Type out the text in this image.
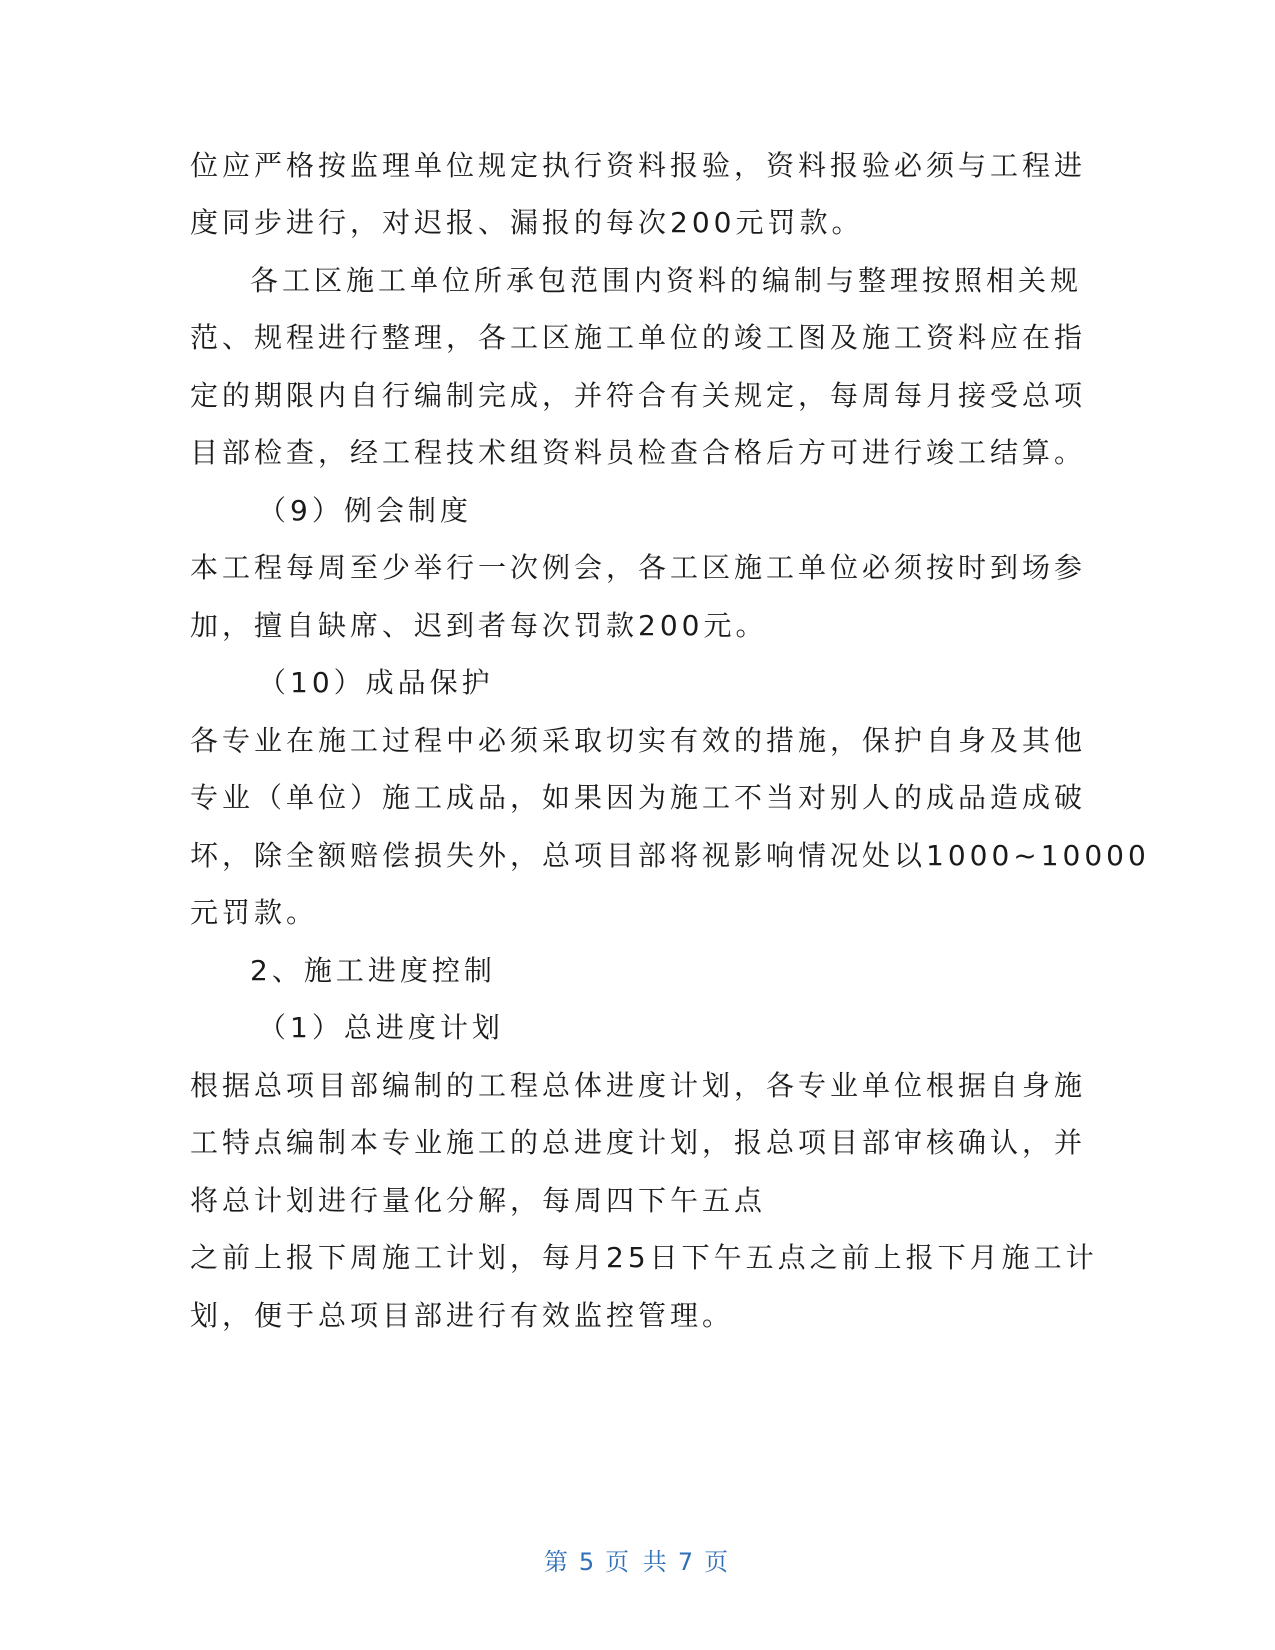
位应严格按监理单位规定执行资料报验，资料报验必须与工程进
度同步进行，对迟报、漏报的每次200元罚款。
各工区施工单位所承包范围内资料的编制与整理按照相关规
范、规程进行整理，各工区施工单位的竣工图及施工资料应在指
定的期限内自行编制完成，并符合有关规定，每周每月接受总项
目部检查，经工程技术组资料员检查合格后方可进行竣工结算。
（9）例会制度
本工程每周至少举行一次例会，各工区施工单位必须按时到场参
加，擅自缺席、迟到者每次罚款200元。
（10）成品保护
各专业在施工过程中必须采取切实有效的措施，保护自身及其他
专业（单位）施工成品，如果因为施工不当对别人的成品造成破
坏，除全额赔偿损失外，总项目部将视影响情况处以1000~10000
元罚款。
2、施工进度控制
（1）总进度计划
根据总项目部编制的工程总体进度计划，各专业单位根据自身施
工特点编制本专业施工的总进度计划，报总项目部审核确认，并
将总计划进行量化分解，每周四下午五点
之前上报下周施工计划，每月25日下午五点之前上报下月施工计
划，便于总项目部进行有效监控管理。
第 5 页 共 7 页
